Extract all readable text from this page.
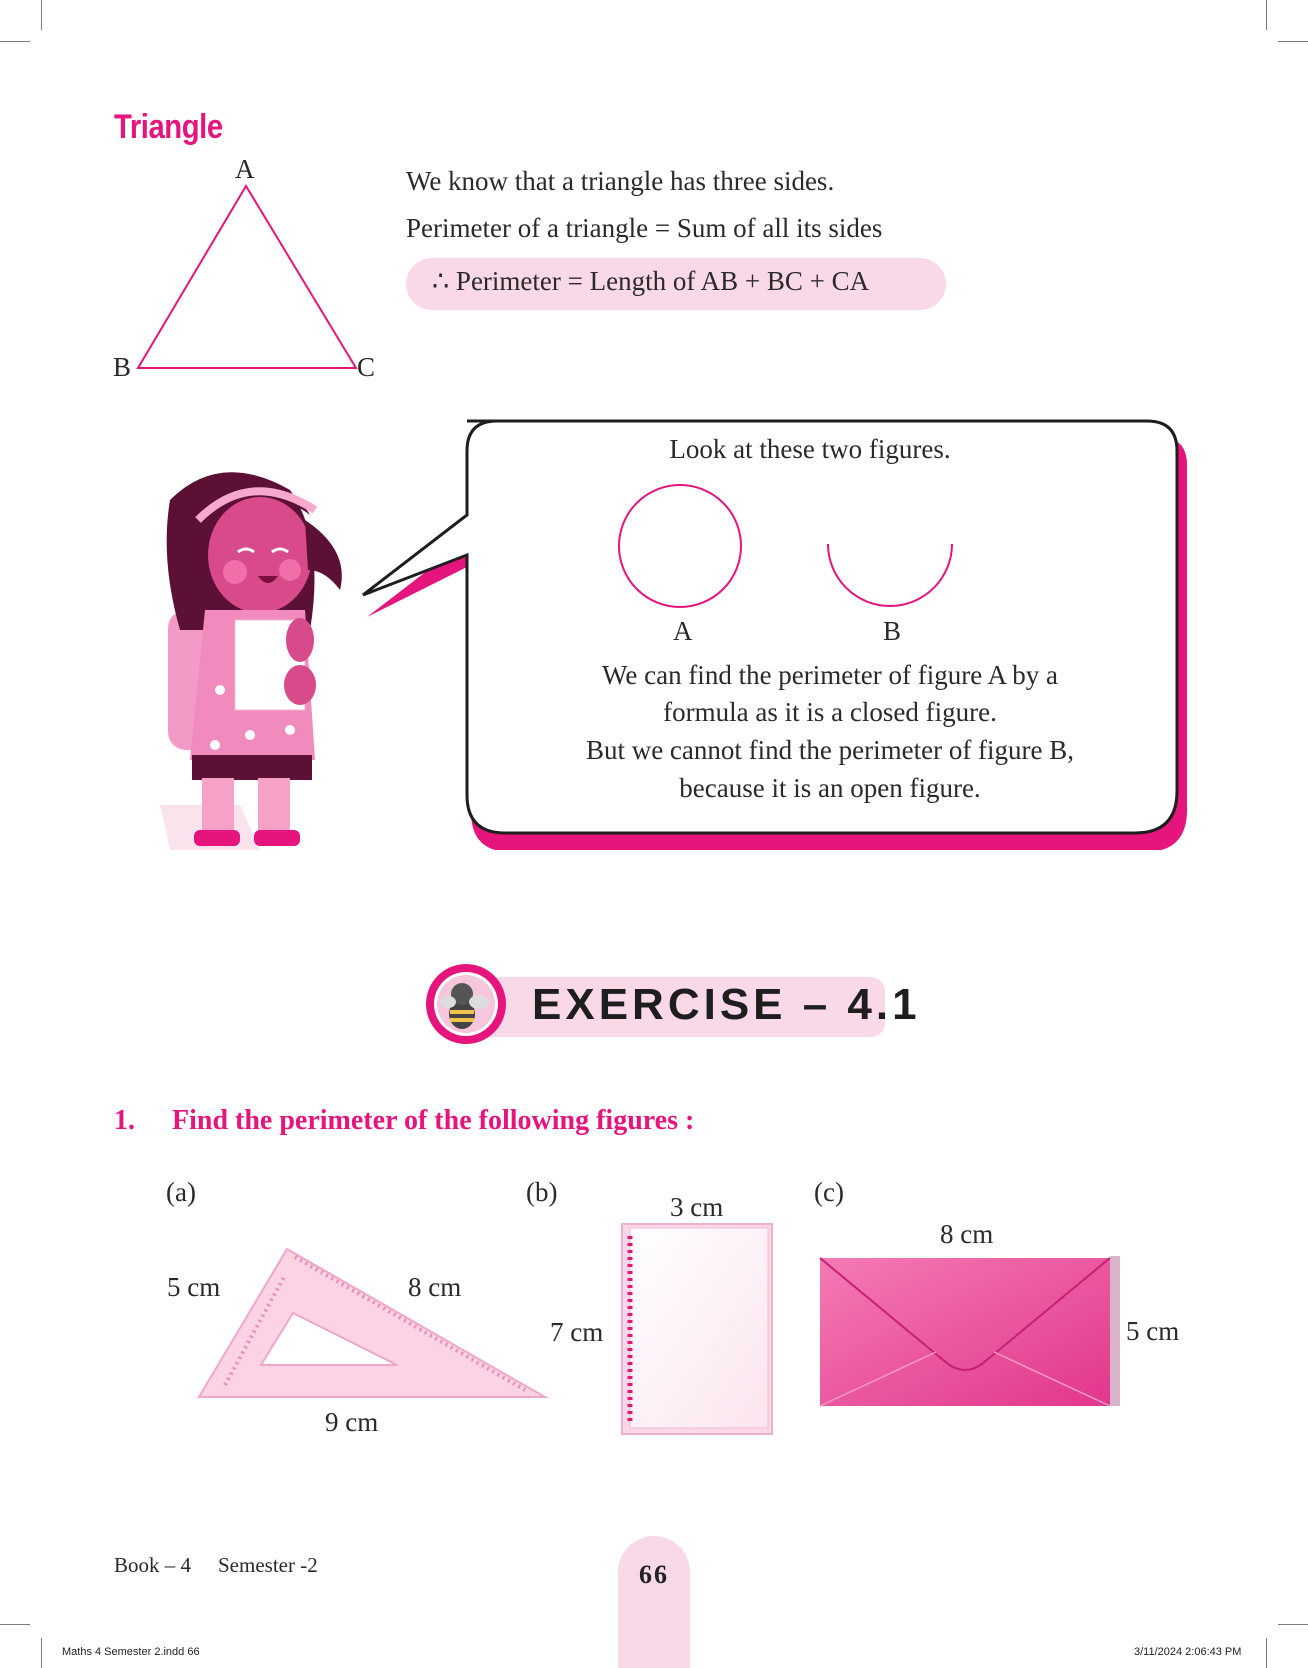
Triangle
A
B	C
We know that a triangle has three sides.
Perimeter of a triangle = Sum of all its sides
∴ Perimeter = Length of AB + BC + CA
Look at these two figures.
A	B
We can find the perimeter of figure A by a
formula as it is a closed figure.
But we cannot find the perimeter of figure B,
because it is an open figure.
EXERCISE – 4.1
1. Find the perimeter of the following figures :
(a)
5 cm	8 cm
9 cm
(b)	3 cm
7 cm
(c)
8 cm
5 cm
Book – 4 Semester -2	66
Maths 4 Semester 2.indd 66	3/11/2024 2:06:43 PM
